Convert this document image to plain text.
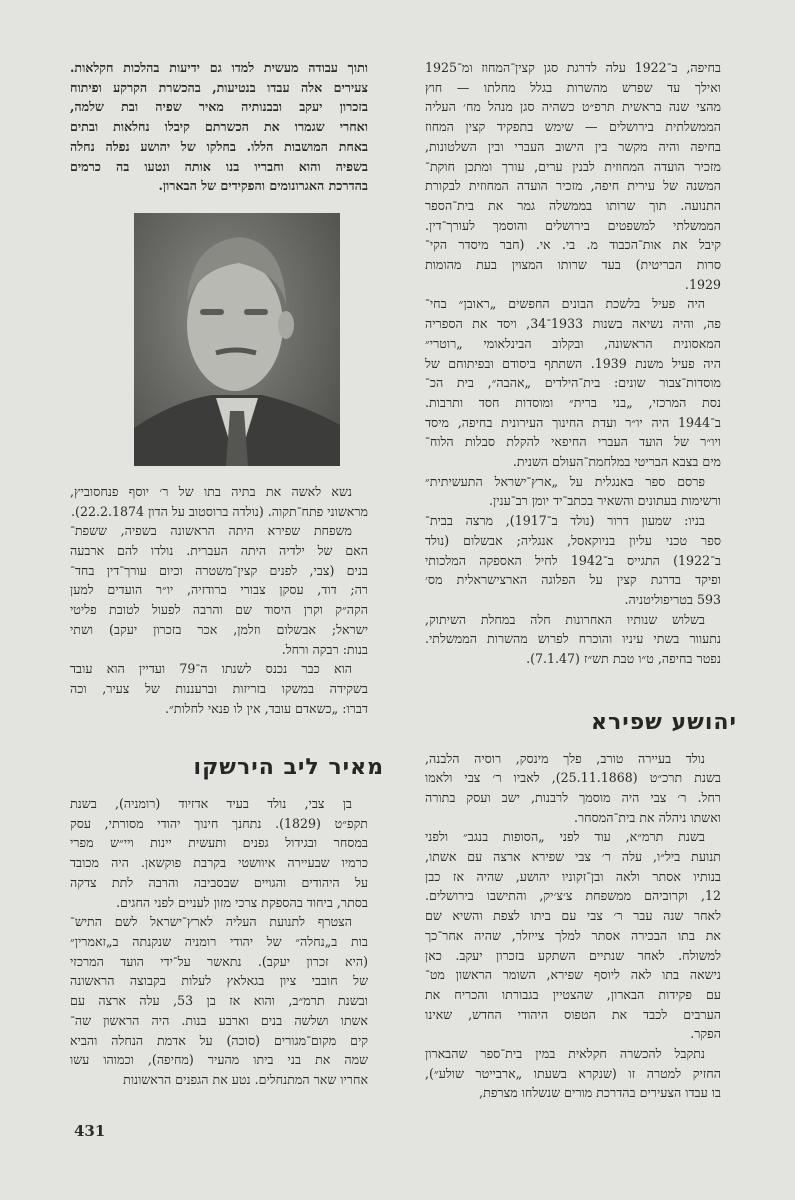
בחיפה, ב־1922 עלה לדרגת סגן קצין־המחוז ומ־1925
ואילך עד שפרש מהשרות בגלל מחלתו — חוץ
מהצי שנה בראשית תרפ״ט כשהיה סגן מנהל מח׳ העליה
הממשלתית בירושלים — שימש בתפקיד קצין המחוז
בחיפה והיה מקשר בין הישוב העברי ובין השלטונות,
מזכיר הועדה המחוזית לבנין ערים, עורך ומתכן חוקת־
המשנה של עירית חיפה, מזכיר הועדה המחוזית לבקורת
התנועה. תוך שרותו בממשלה גמר את בית־הספר
הממשלתי למשפטים בירושלים והוסמך לעורך־דין.
קיבל את אות־הכבוד מ. בי. אי. (חבר מיסדר הקי־
סרות הבריטית) בעד שרותו המצוין בעת מהומות
1929.
היה פעיל בלשכת הבונים החפשים „ראובן״ בחי־
פה, והיה נשיאה בשנות 1933־34, ויסד את הספריה
המאסונית הראשונה, ובקלוב הבינלאומי „רוטרי״
היה פעיל משנת 1939. השתתף ביסודם ובפיתוחם של
מוסדות־צבור שונים: בית־הילדים „אהבה״, בית הכ־
נסת המרכזי, „בני ברית״ ומוסדות חסד ותרבות.
ב־1944 היה יו״ר ועדת החינוך העירונית בחיפה, מיסד
ויו״ר של הועד העברי החיפאי להקלת סבלות הלוח־
מים בצבא הבריטי במלחמת־העולם השנית.
פרסם ספר באנגלית על „ארץ־ישראל התעשיתית״
ורשימות בעתונים והשאיר בכתב־יד יומן רב־ענין.
בניו: שמעון דרור (נולד ב־1917), מרצה בבית־
ספר טכני עליון בניוקאסל, אנגליה; אבשלום (נולד
ב־1922) התגייס ב־1942 לחיל האספקה המלכותי
ופיקד בדרגת קצין על הפלוגה הארצישראלית מס׳
593 בטריפוליטניה.
בשלוש שנותיו האחרונות חלה במחלת השיתוק,
נתעוור בשתי עיניו והוכרח לפרוש מהשרות הממשלתי.
נפטר בחיפה, ט״ו טבת תש״ז (7.1.47).
יהושע שפירא
נולד בעיירה טורב, פלך מינסק, רוסיה הלבנה,
בשנת תרכ״ט (25.11.1868), לאביו ר׳ צבי ולאמו
רחל. ר׳ צבי היה מוסמך לרבנות, ישב ועסק בתורה
ואשתו ניהלה את בית־המסחר.
בשנת תרמ״א, עוד לפני „הסופות בנגב״ ולפני
תנועת ביל״ו, עלה ר׳ צבי שפירא ארצה עם אשתו,
בנותיו אסתר ולאה ובן־זקוניו יהושע, שהיה אז כבן
12, וקרוביהם ממשפחת צ׳צ׳יק, והתישבו בירושלים.
לאחר שנה עבר ר׳ צבי עם ביתו לצפת והשיא שם
את בתו הבכירה אסתר למלך צייזלר, שהיה אחר־כך
למשולח. לאחר שנתיים השתקע בזכרון יעקב. כאן
נישאה בתו לאה ליוסף שפירא, השומר הראשון מט־
עם פקידות הבארון, שהצטיין בגבורתו והכריח את
הערבים לכבד את הטפוס היהודי החדש, שאינו
הפקר.
נתקבל להכשרה חקלאית במין בית־ספר שהבארון
החזיק למטרה זו (שנקרא בשעתו „ארבייטר שולע״),
בו עבדו הצעירים בהדרכת מורים שנשלחו מצרפת,
ותוך עבודה מעשית למדו גם ידיעות בהלכות חקלאות.
צעירים אלה עבדו בנטיעות, בהכשרת הקרקע ופיתוח
בזכרון יעקב ובבנותיה מאיר שפיה ובת שלמה,
ואחרי שגמרו את הכשרתם קיבלו נחלאות ובתים
באחת המושבות הללו. בחלקו של יהושע נפלה נחלה
בשפיה והוא וחבריו בנו אותה ונטעו בה כרמים
בהדרכת האגרונומים והפקידים של הבארון.
נשא לאשה את בתיה בתו של ר׳ יוסף פנחסוביץ,
מראשוני פתח־תקוה. (נולדה ברוסטוב על הדון 22.2.1874).
משפחת שפירא היתה הראשונה בשפיה, ששפת־
האם של ילדיה היתה העברית. נולדו להם ארבעה
בנים (צבי, לפנים קצין־משטרה וכיום עורך־דין בחד־
רה; דוד, עסקן צבורי ברודזיה, יו״ר הועדים למען
הקה״ק וקרן היסוד שם והרבה לפעול לטובת פליטי
ישראל; אבשלום וזלמן, אכר בזכרון יעקב) ושתי
בנות: רבקה ורחל.
הוא כבר נכנס לשנתו ה־79 ועדיין הוא עובד
בשקידה במשקו בזריזות וברעננות של צעיר, וכה
דברו: „כשאדם עובד, אין לו פנאי לחלות״.
מאיר ליב הירשקו
בן צבי, נולד בעיד אדזיוד (רומניה), בשנת
תקפ״ט (1829). נתחנך חינוך יהודי מסורתי, עסק
במסחר ובגידול גפנים ותעשית יינות ויי״ש מפרי
כרמיו שבעיירה איוושטי בקרבת פוקשאן. היה מכובד
על היהודים והגויים שבסביבה והרבה לתת צדקה
בסתר, ביחוד בהספקת צרכי מזון לעניים לפני החגים.
הצטרף לתנועת העליה לארץ־ישראל לשם התיש־
בות ב„נחלה״ של יהודי רומניה שנקנתה ב„זאמרין״
(היא זכרון יעקב). נתאשר על־ידי הועד המרכזי
של חובבי ציון בגאלאץ לעלות בקבוצה הראשונה
ובשנת תרמ״ב, והוא אז בן 53, עלה ארצה עם
אשתו ושלשה בנים וארבע בנות. היה הראשון שה־
קים מקום־מגורים (סוכה) על אדמת הנחלה והביא
שמה את בני ביתו מהעיר (מחיפה), וכמוהו עשו
אחריו שאר המתנחלים. נטע את הגפנים הראשונות
431
